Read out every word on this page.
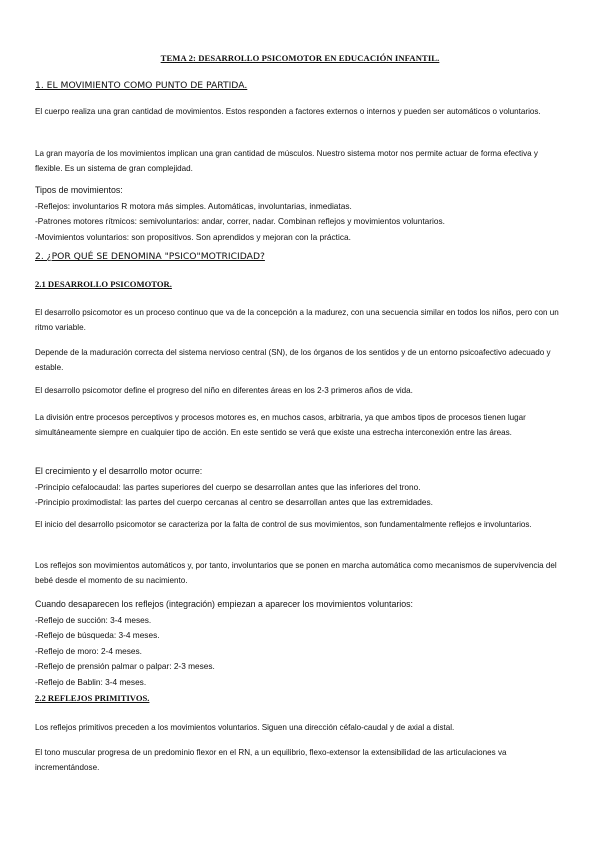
TEMA 2: DESARROLLO PSICOMOTOR EN EDUCACIÓN INFANTIL.
1. EL MOVIMIENTO COMO PUNTO DE PARTIDA.

El cuerpo realiza una gran cantidad de movimientos. Estos responden a factores externos o internos y pueden ser automáticos o voluntarios.

La gran mayoría de los movimientos implican una gran cantidad de músculos. Nuestro sistema motor nos permite actuar de forma efectiva y flexible. Es un sistema de gran complejidad.

Tipos de movimientos:
-Reflejos: involuntarios R motora más simples. Automáticas, involuntarias, inmediatas.
-Patrones motores rítmicos: semivoluntarios: andar, correr, nadar. Combinan reflejos y movimientos voluntarios.
-Movimientos voluntarios: son propositivos. Son aprendidos y mejoran con la práctica.
2. ¿POR QUÉ SE DENOMINA "PSICO"MOTRICIDAD?
2.1 DESARROLLO PSICOMOTOR.

El desarrollo psicomotor es un proceso continuo que va de la concepción a la madurez, con una secuencia similar en todos los niños, pero con un ritmo variable.

Depende de la maduración correcta del sistema nervioso central (SN), de los órganos de los sentidos y de un entorno psicoafectivo adecuado y estable.

El desarrollo psicomotor define el progreso del niño en diferentes áreas en los 2-3 primeros años de vida.

La división entre procesos perceptivos y procesos motores es, en muchos casos, arbitraria, ya que ambos tipos de procesos tienen lugar simultáneamente siempre en cualquier tipo de acción. En este sentido se verá que existe una estrecha interconexión entre las áreas.

El crecimiento y el desarrollo motor ocurre:
-Principio cefalocaudal: las partes superiores del cuerpo se desarrollan antes que las inferiores del trono.
-Principio proximodistal: las partes del cuerpo cercanas al centro se desarrollan antes que las extremidades.

El inicio del desarrollo psicomotor se caracteriza por la falta de control de sus movimientos, son fundamentalmente reflejos e involuntarios.

Los reflejos son movimientos automáticos y, por tanto, involuntarios que se ponen en marcha automática como mecanismos de supervivencia del bebé desde el momento de su nacimiento.

Cuando desaparecen los reflejos (integración) empiezan a aparecer los movimientos voluntarios:
-Reflejo de succión: 3-4 meses.
-Reflejo de búsqueda: 3-4 meses.
-Reflejo de moro: 2-4 meses.
-Reflejo de prensión palmar o palpar: 2-3 meses.
-Reflejo de Bablin: 3-4 meses.
2.2 REFLEJOS PRIMITIVOS.

Los reflejos primitivos preceden a los movimientos voluntarios. Siguen una dirección céfalo-caudal y de axial a distal.

El tono muscular progresa de un predominio flexor en el RN, a un equilibrio, flexo-extensor la extensibilidad de las articulaciones va incrementándose.
